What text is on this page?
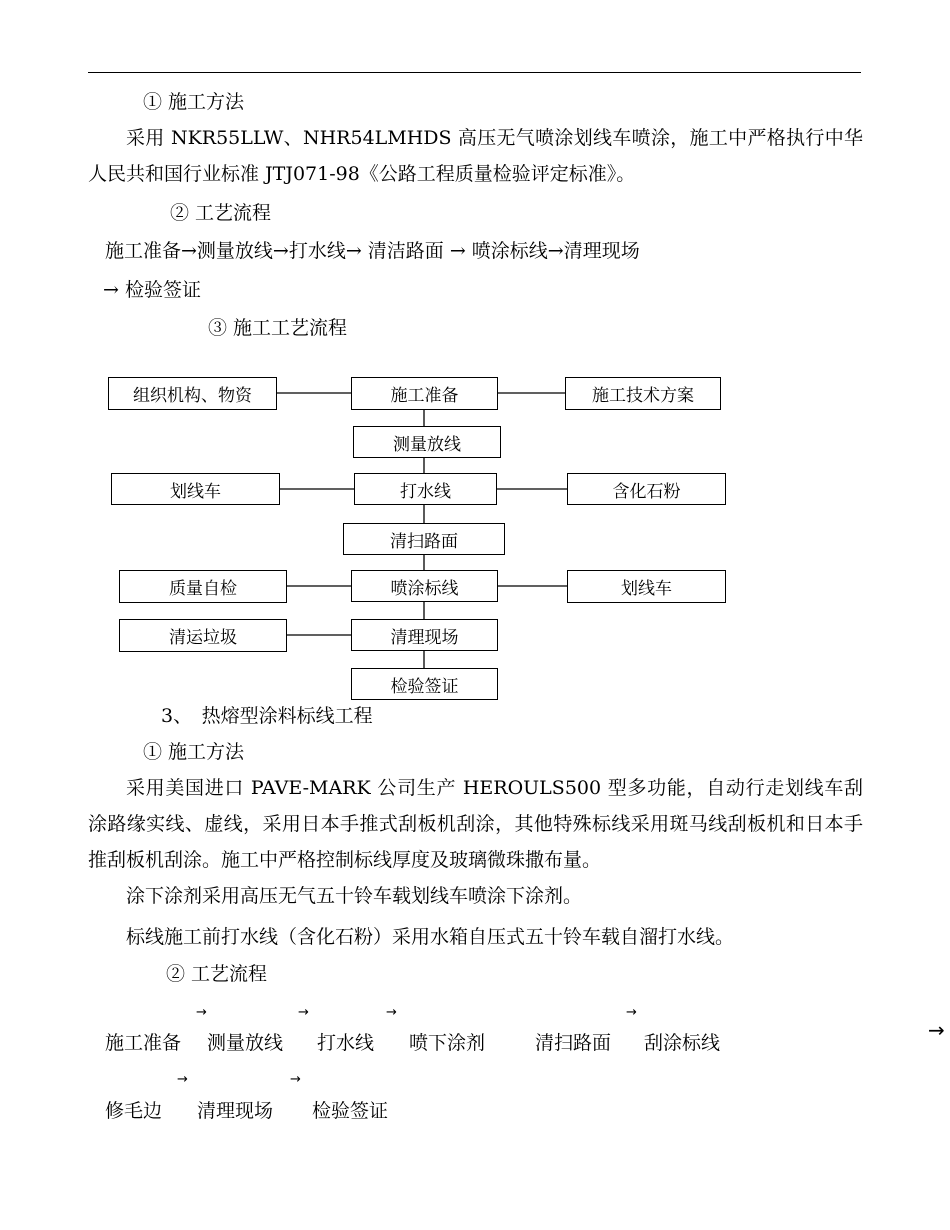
① 施工方法
采用 NKR55LLW、NHR54LMHDS 高压无气喷涂划线车喷涂，施工中严格执行中华人民共和国行业标准 JTJ071-98《公路工程质量检验评定标准》。
② 工艺流程
施工准备→测量放线→打水线→ 清洁路面 → 喷涂标线→清理现场
→ 检验签证
③ 施工工艺流程
施工准备
测量放线
打水线
清扫路面
喷涂标线
清理现场
检验签证
组织机构、物资
划线车
质量自检
清运垃圾
施工技术方案
含化石粉
划线车
3、　热熔型涂料标线工程
① 施工方法
采用美国进口 PAVE-MARK 公司生产 HEROULS500 型多功能，自动行走划线车刮涂路缘实线、虚线，采用日本手推式刮板机刮涂，其他特殊标线采用斑马线刮板机和日本手推刮板机刮涂。施工中严格控制标线厚度及玻璃微珠撒布量。
涂下涂剂采用高压无气五十铃车载划线车喷涂下涂剂。
标线施工前打水线（含化石粉）采用水箱自压式五十铃车载自溜打水线。
② 工艺流程
→	→	→	→
→
施工准备 测量放线 打水线 喷下涂剂	清扫路面 刮涂标线
→	→
修毛边 清理现场 检验签证
